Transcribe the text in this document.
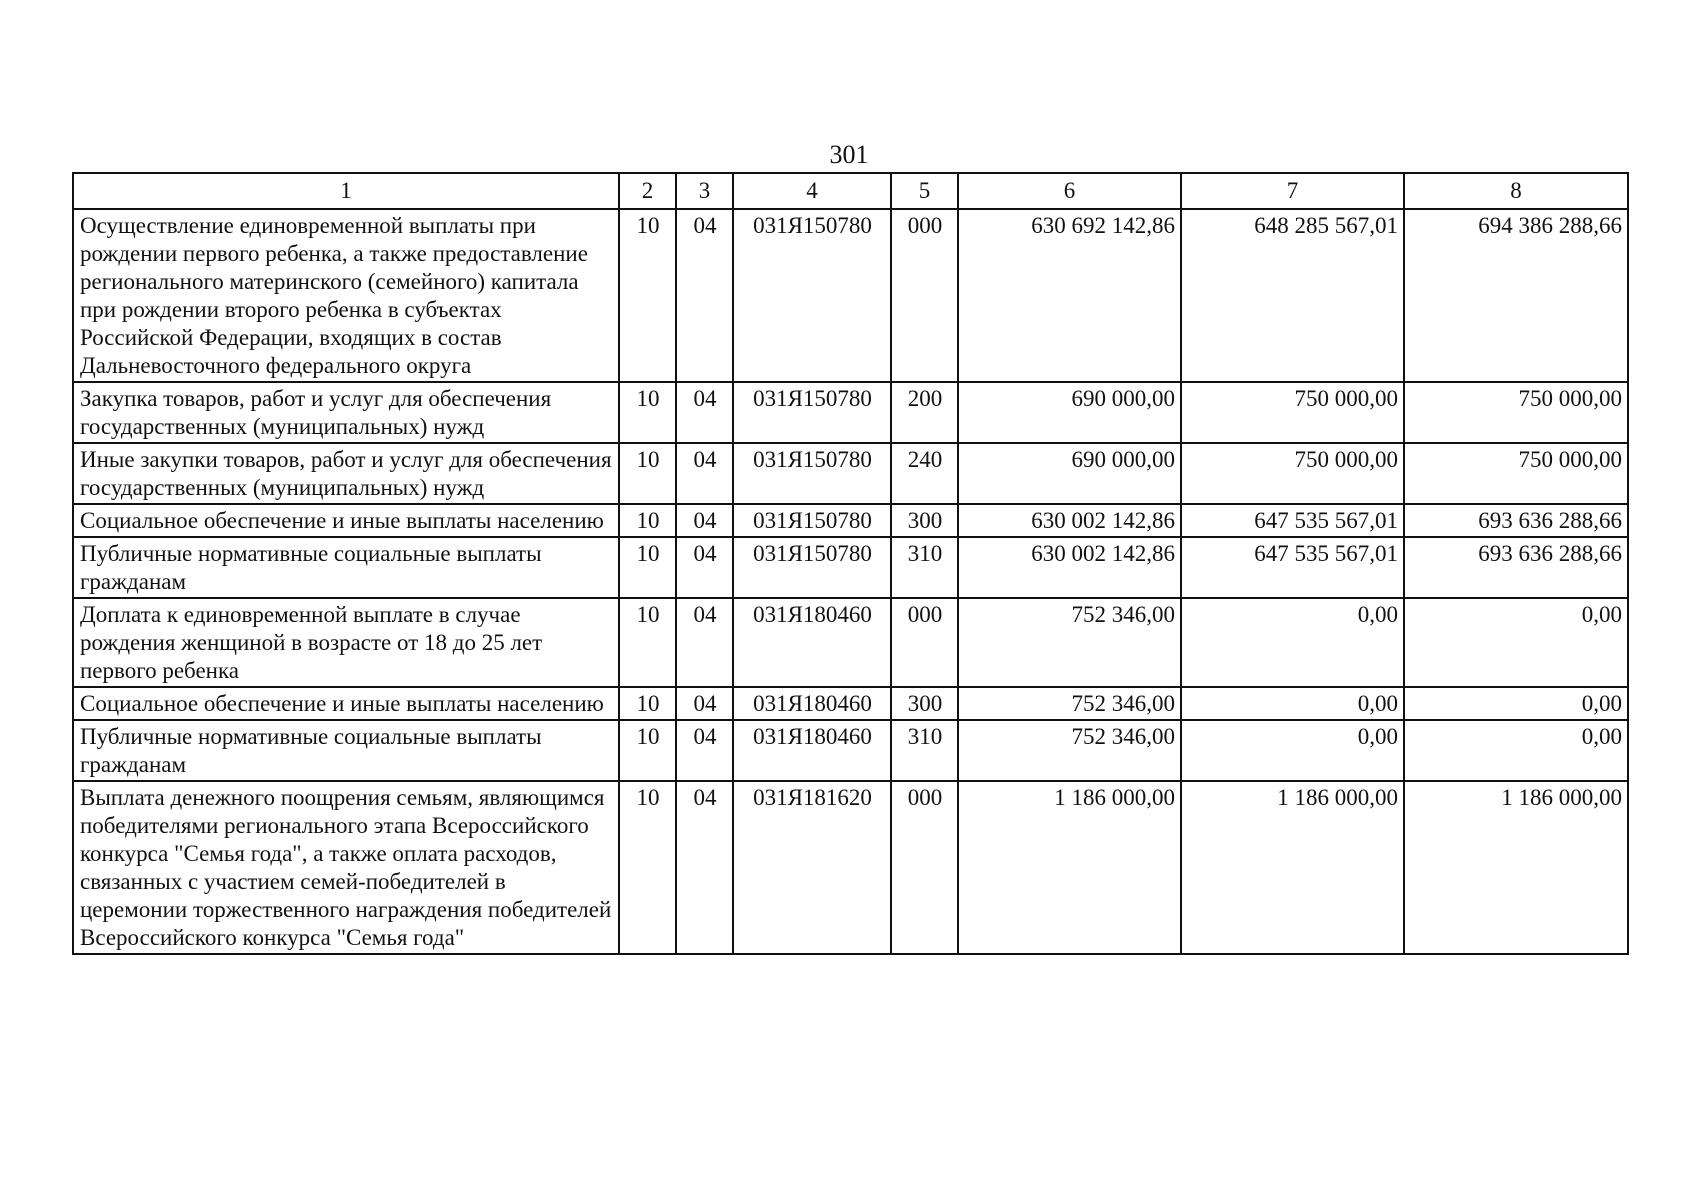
301
1	2	3	4	5	6	7	8
Осуществление единовременной выплаты при рождении первого ребенка, а также предоставление регионального материнского (семейного) капитала при рождении второго ребенка в субъектах Российской Федерации, входящих в состав Дальневосточного федерального округа	10	04	031Я150780	000	630 692 142,86	648 285 567,01	694 386 288,66
Закупка товаров, работ и услуг для обеспечения государственных (муниципальных) нужд	10	04	031Я150780	200	690 000,00	750 000,00	750 000,00
Иные закупки товаров, работ и услуг для обеспечения государственных (муниципальных) нужд	10	04	031Я150780	240	690 000,00	750 000,00	750 000,00
Социальное обеспечение и иные выплаты населению	10	04	031Я150780	300	630 002 142,86	647 535 567,01	693 636 288,66
Публичные нормативные социальные выплаты гражданам	10	04	031Я150780	310	630 002 142,86	647 535 567,01	693 636 288,66
Доплата к единовременной выплате в случае рождения женщиной в возрасте от 18 до 25 лет первого ребенка	10	04	031Я180460	000	752 346,00	0,00	0,00
Социальное обеспечение и иные выплаты населению	10	04	031Я180460	300	752 346,00	0,00	0,00
Публичные нормативные социальные выплаты гражданам	10	04	031Я180460	310	752 346,00	0,00	0,00
Выплата денежного поощрения семьям, являющимся победителями регионального этапа Всероссийского конкурса "Семья года", а также оплата расходов, связанных с участием семей-победителей в церемонии торжественного награждения победителей Всероссийского конкурса "Семья года"	10	04	031Я181620	000	1 186 000,00	1 186 000,00	1 186 000,00
